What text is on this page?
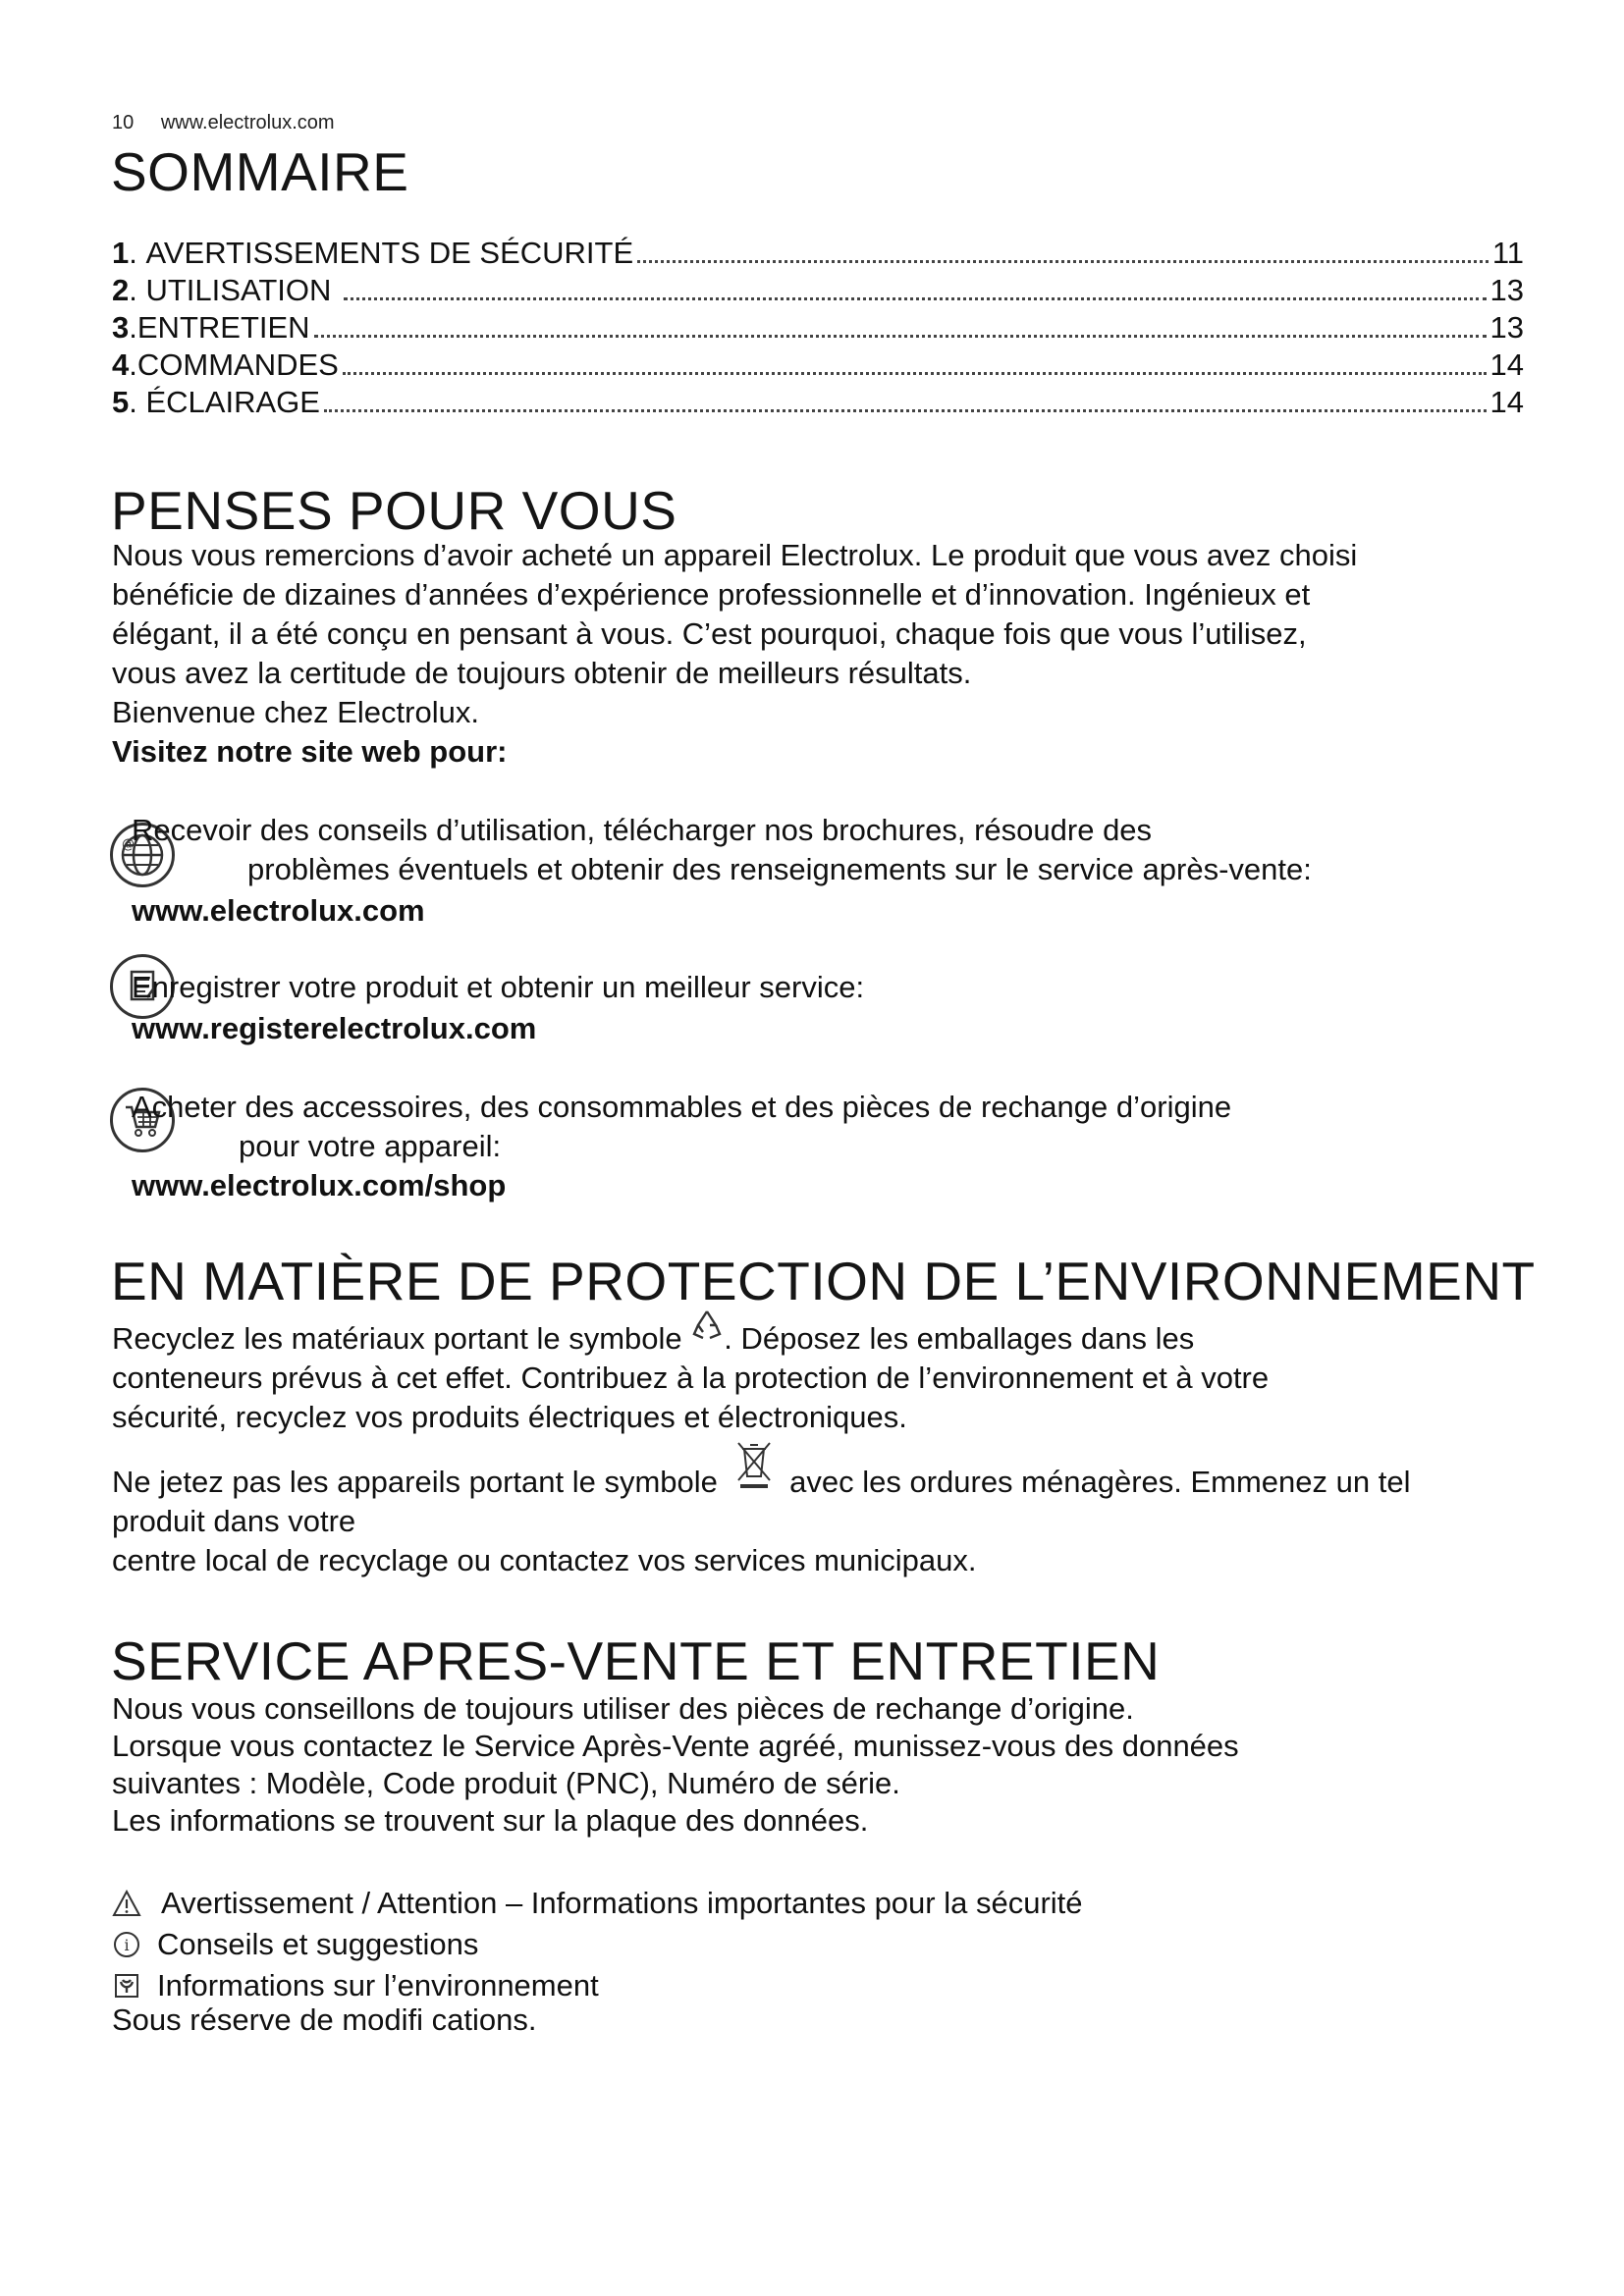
10 www.electrolux.com
SOMMAIRE
1 . AVERTISSEMENTS DE SÉCURITÉ	11
2 . UTILISATION	13
3 . ENTRETIEN	13
4 . COMMANDES	14
5 . ÉCLAIRAGE	14
PENSES POUR VOUS

Nous vous remercions d’avoir acheté un appareil Electrolux. Le produit que vous avez choisi

bénéficie de dizaines d’années d’expérience professionnelle et d’innovation. Ingénieux et

élégant, il a été conçu en pensant à vous. C’est pourquoi, chaque fois que vous l’utilisez,

vous avez la certitude de toujours obtenir de meilleurs résultats.

Bienvenue chez Electrolux.

Visitez notre site web pour:

@
Recevoir des conseils d’utilisation, télécharger nos brochures, résoudre des
problèmes éventuels et obtenir des renseignements sur le service après-vente:
www.electrolux.com
Enregistrer votre produit et obtenir un meilleur service:
www.registerelectrolux.com
Acheter des accessoires, des consommables et des pièces de rechange d’origine
pour votre appareil:
www.electrolux.com/shop
EN MATIÈRE DE PROTECTION DE L’ENVIRONNEMENT

Recyclez les matériaux portant le symbole . Déposez les emballages dans les

conteneurs prévus à cet effet. Contribuez à la protection de l’environnement et à votre

sécurité, recyclez vos produits électriques et électroniques.

Ne jetez pas les appareils portant le symbole  avec les ordures ménagères. Emmenez un tel

produit dans votre

centre local de recyclage ou contactez vos services municipaux.

SERVICE APRES-VENTE ET ENTRETIEN

Nous vous conseillons de toujours utiliser des pièces de rechange d’origine.

Lorsque vous contactez le Service Après-Vente agréé, munissez-vous des données

suivantes : Modèle, Code produit (PNC), Numéro de série.

Les informations se trouvent sur la plaque des données.

Avertissement / Attention – Informations importantes pour la sécurité
i Conseils et suggestions
Informations sur l’environnement
Sous réserve de modifi cations.
